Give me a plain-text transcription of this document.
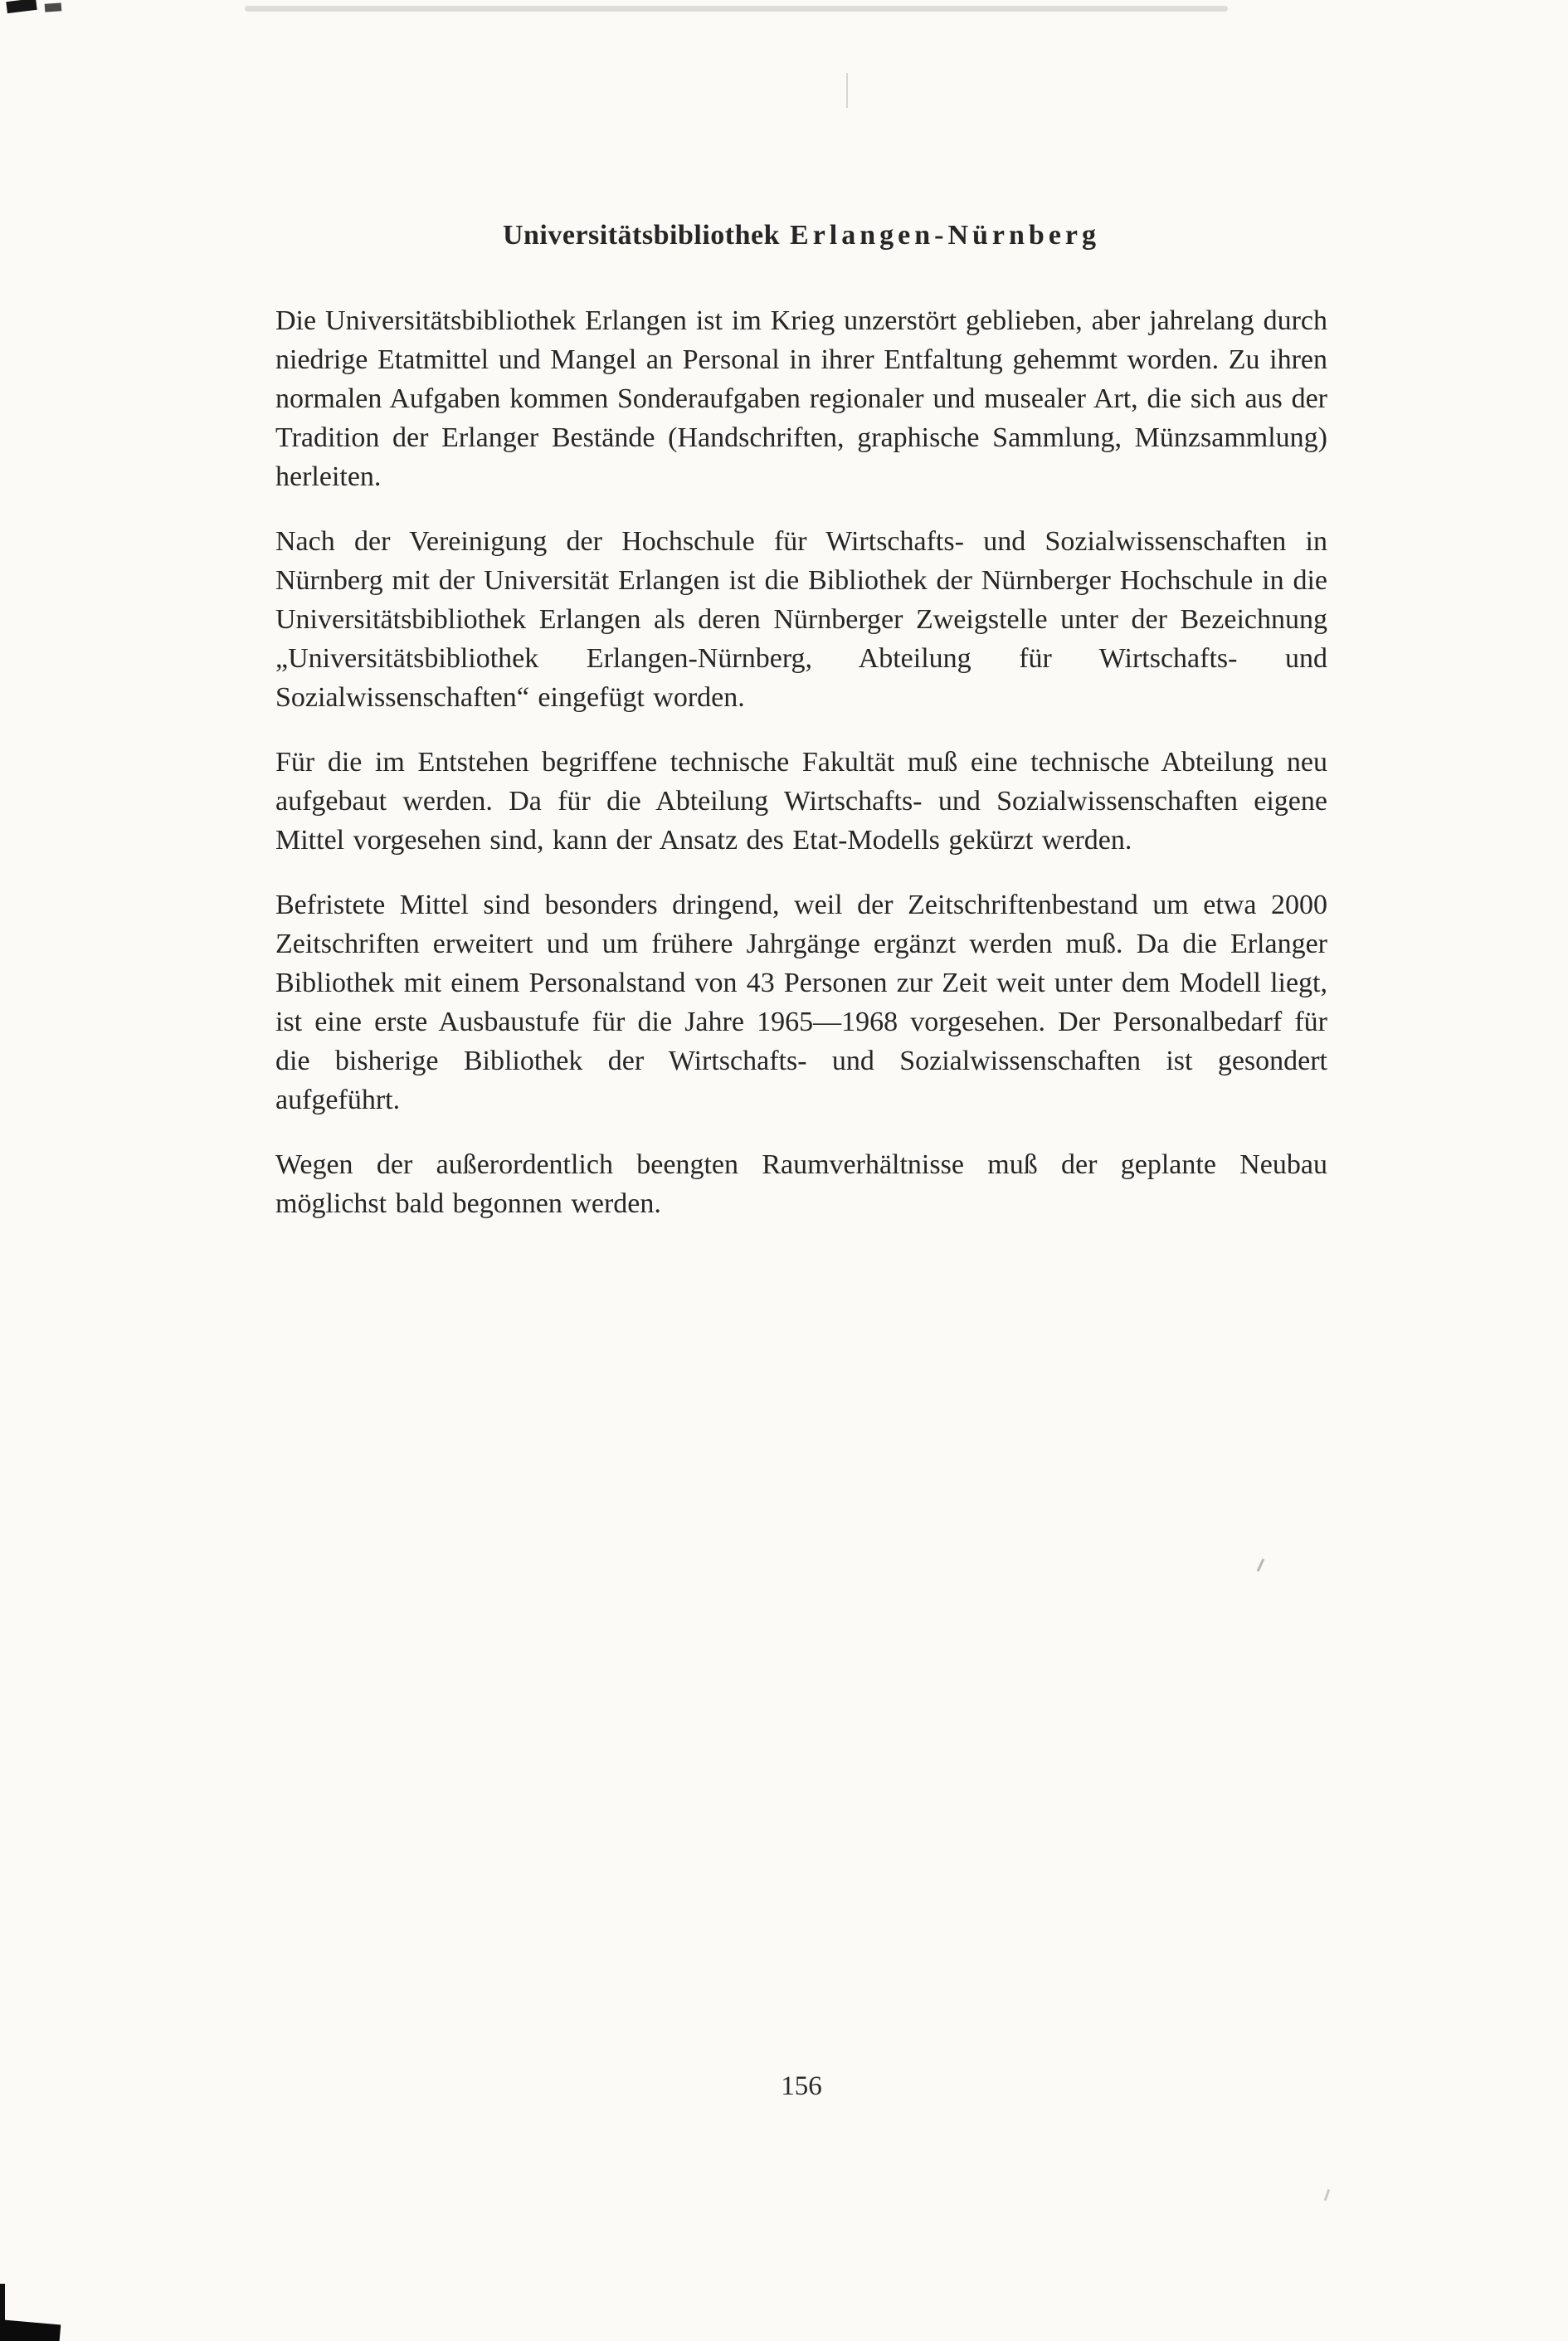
Universitätsbibliothek Erlangen-Nürnberg

Die Universitätsbibliothek Erlangen ist im Krieg unzerstört geblieben, aber jahrelang durch niedrige Etatmittel und Mangel an Personal in ihrer Entfaltung gehemmt worden. Zu ihren normalen Aufgaben kommen Sonderaufgaben regionaler und musealer Art, die sich aus der Tradition der Erlanger Bestände (Handschriften, graphische Sammlung, Münzsammlung) herleiten.

Nach der Vereinigung der Hochschule für Wirtschafts- und Sozialwissenschaften in Nürnberg mit der Universität Erlangen ist die Bibliothek der Nürnberger Hochschule in die Universitätsbibliothek Erlangen als deren Nürnberger Zweigstelle unter der Bezeichnung „Universitätsbibliothek Erlangen-Nürnberg, Abteilung für Wirtschafts- und Sozialwissenschaften“ eingefügt worden.

Für die im Entstehen begriffene technische Fakultät muß eine technische Abteilung neu aufgebaut werden. Da für die Abteilung Wirtschafts- und Sozialwissenschaften eigene Mittel vorgesehen sind, kann der Ansatz des Etat-Modells gekürzt werden.

Befristete Mittel sind besonders dringend, weil der Zeitschriftenbestand um etwa 2000 Zeitschriften erweitert und um frühere Jahrgänge ergänzt werden muß. Da die Erlanger Bibliothek mit einem Personalstand von 43 Personen zur Zeit weit unter dem Modell liegt, ist eine erste Ausbaustufe für die Jahre 1965—1968 vorgesehen. Der Personalbedarf für die bisherige Bibliothek der Wirtschafts- und Sozialwissenschaften ist gesondert aufgeführt.

Wegen der außerordentlich beengten Raumverhältnisse muß der geplante Neubau möglichst bald begonnen werden.

156
